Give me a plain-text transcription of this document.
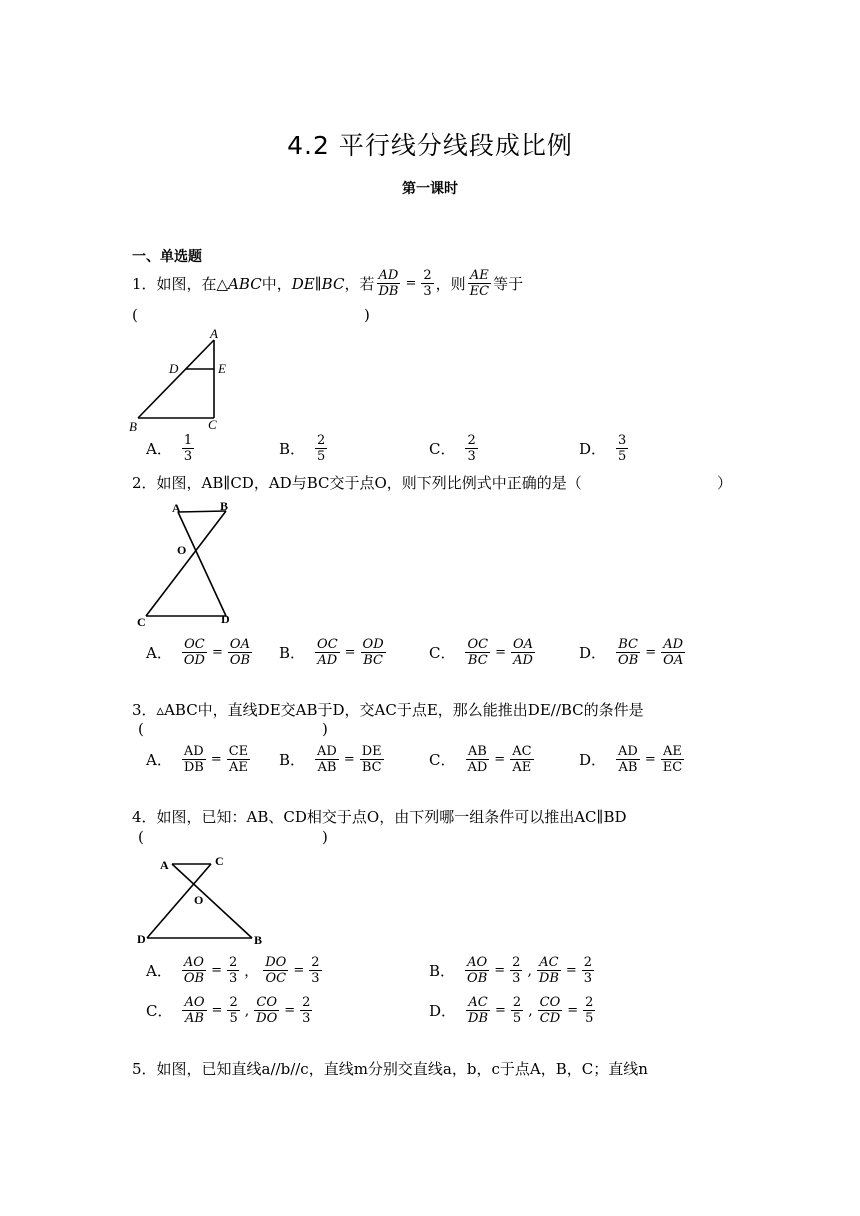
4.2 平行线分线段成比例
第一课时
一、单选题
1．如图，在△ ABC 中， DE ∥ BC ，若 $\frac{AD}{DB} = \frac{2}{3}$ ，则 $\frac{AE}{EC}$ 等于
(	)
A
D	E
B	C
A． $\frac{1}{3}$	B． $\frac{2}{5}$	C． $\frac{2}{3}$	D． $\frac{3}{5}$
2．如图，AB∥CD，AD与BC交于点O，则下列比例式中正确的是（	）
A	B
O
C	D
A． $\frac{OC}{OD} = \frac{OA}{OB}$ B． $\frac{OC}{AD} = \frac{OD}{BC}$	C． $\frac{OC}{BC} = \frac{OA}{AD}$	D． $\frac{BC}{OB} = \frac{AD}{OA}$
3．▵ABC中，直线DE交AB于D，交AC于点E，那么能推出DE//BC的条件是
(	)
A． $\frac{AD}{DB} = \frac{CE}{AE}$ B． $\frac{AD}{AB} = \frac{DE}{BC}$	C． $\frac{AB}{AD} = \frac{AC}{AE}$	D． $\frac{AD}{AB} = \frac{AE}{EC}$
4．如图，已知：AB、CD相交于点O，由下列哪一组条件可以推出AC∥BD
(	)
A	C
O
D	B
A． $\frac{AO}{OB} = \frac{2}{3}$ ， $\frac{DO}{OC} = \frac{2}{3}$	B． $\frac{AO}{OB} = \frac{2}{3}$ , $\frac{AC}{DB} = \frac{2}{3}$
C． $\frac{AO}{AB} = \frac{2}{5}$ , $\frac{CO}{DO} = \frac{2}{3}$	D． $\frac{AC}{DB} = \frac{2}{5}$ , $\frac{CO}{CD} = \frac{2}{5}$
5．如图，已知直线a//b//c，直线m分别交直线a，b，c于点A，B，C；直线n
